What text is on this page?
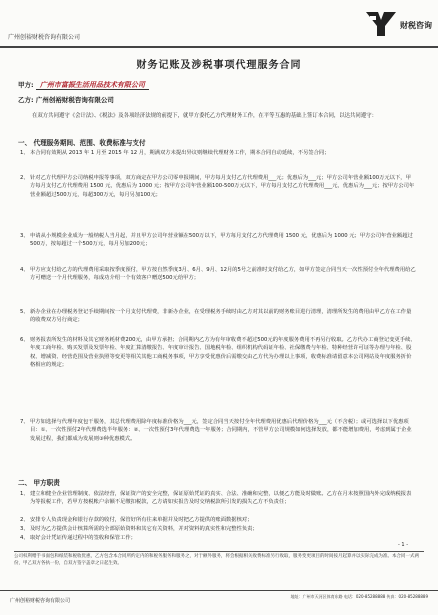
广州创裕财税咨询有限公司
财税咨询
财务记账及涉税事项代理服务合同
甲方: 广州市富振生活用品技术有限公司
乙方: 广州创裕财税咨询有限公司
在双方共同遵守《会计法》、《税法》及各项经济法规的前提下，就甲方委托乙方代理财务工作，在平等互惠的基础上签订本合同，以达共同遵守：
一、 代理服务期间、范围、收费标准与支付
1、 本合同有效期从 2013 年 1 月至 2015 年 12 月，期满双方未提出异议则继续代理财务工作，期本合同自动延续，不另签合同；
2、 针对乙方代理甲方公司纳税申报等事项，双方商定在甲方公司零申报期间，甲方每月支付乙方代理费用___元；优惠后为___元；甲方公司年营业额100万元以下，甲方每月支付乙方代理费用 1500 元，优惠后为 1000 元；按甲方公司年营业额100-500万元以下，甲方每月支付乙方代理费用___元，优惠后为___元；按甲方公司年营业额超过500万元，每超300万元，每月另加100元；
3、 申请从小规模企业成为一般纳税人当月起，并且甲方公司年营业额在500万以下，甲方每月支付乙方代理费用 1500 元，优惠后为 1000 元；甲方公司年营业额超过500万，按每超过一个500万元，每月另加200元；
4、 甲方应支付给乙方的代理费用采取按季度预付，甲方按自然季度3月、6月、9月、12月的5号之前准时支付给乙方，如甲方签定合同当天一次性预付全年代理费用给乙方可赠送一个月代理服务，每成功介绍一个有效客户赠送500元给甲方；
5、 新办企业在办理税务登记手续期间按一个月支付代理费，非新办企业，在受理税务手续时由乙方对其以前的财务账目进行清理，清理所发生的费用由甲乙方在工作量的收费双方另行商定；
6、 财务报表所发生的材料及其它财务耗材费200元，由甲方承担；合同期内乙方为有年审收费不超过500元的年度服务费用不再另行收取。乙方代办工商登记变更手续、年度工商年检、购买发票及发票年检、年度汇算清缴报告、年度审计报告、国地税年检、组织机构代码证年检、社保缴费与年检、特种经营许可证等办理与年检、股权、增减资、经营范围及营业执照等变更等相关其他工商税务事项，甲方享受优惠价后需缴交由乙方代为办理以上事项，收费标准请留意本公司网站及年度服务折价格相应的规定；
7、 甲方如选择与代理年度包干服务，其总代理费用除年度标准价格为___元，签定合同当天按付全年代理费用优惠后代理价格为___元（不含税）；或可选择以下优惠项目：①、一次性预付2年代理费选半年服务：②、一次性预付3年代理费选一年服务；合同期内，不管甲方公司规模如何选择发放，都不能增加费用，考虑到属于企业发展过程，我们都成为发展则③种优惠模式。
二、 甲方职责
1、 建立和健全企业管理制度、依法经营，保证资产的安全完整，保证原始凭证的真实、合法、准确和完整，以便乙方能及时做账。乙方在月末按照国内外完成纳税报表为等报税工作，若甲方按税帐户余额不足缴扣税款，乙方请如实报告及时交纳税款所引发的损失乙方不负责任；
2、 安排专人负责现金和银行存款的收付，保管好所有往来单据并及时把乙方提供的账面数据核对；
3、 及时为乙方提供会计核算所需的全部原始资料和其它有关资料，并对资料的真实性和完整性负责；
4、 取好会计凭证传递过程中的签收和保管工作；
- 1 -
公司权利赠手书面包和纸装和税收优惠，乙方包含本合同所约定内的和税务服务和服务之，对于额外服务，将会根据相关收费标准另行收取，服务变更项目的时间按月起算并以实际完成为准。本合同一式两份，甲乙双方各执一份，自双方签字盖章之日起生效。
广州创裕财税咨询有限公司
地址：广州市天河区体育东路 电话：020-85288888 传真：020-85288889
